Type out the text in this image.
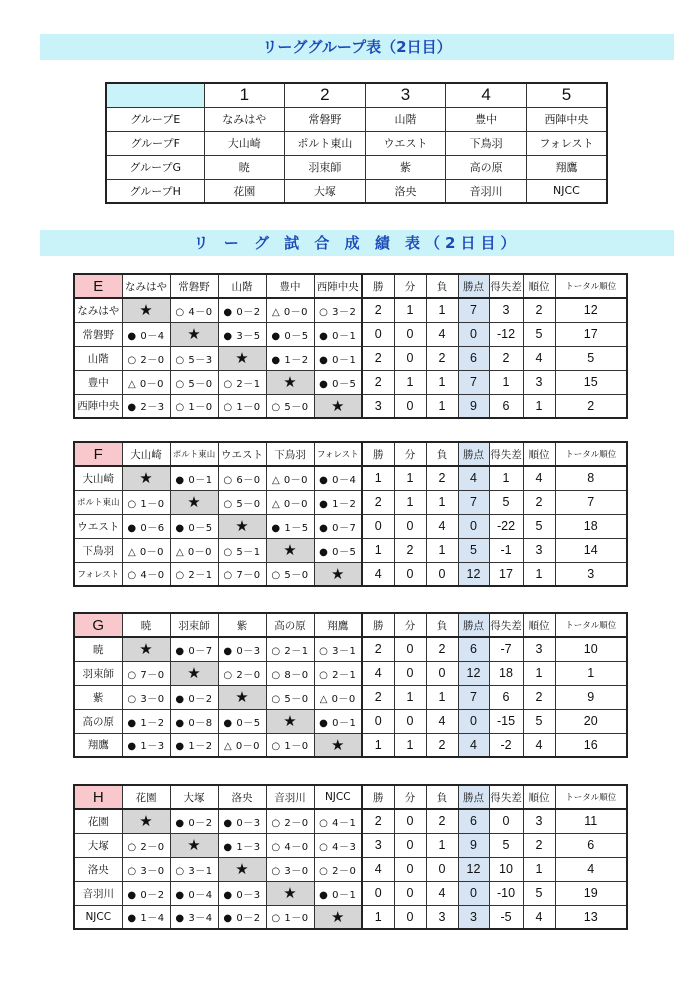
リーググループ表（2日目）
	1	2	3	4	5
グループE	なみはや	常磐野	山階	豊中	西陣中央
グループF	大山崎	ポルト東山	ウエスト	下鳥羽	フォレスト
グループG	暁	羽束師	紫	高の原	翔鷹
グループH	花園	大塚	洛央	音羽川	NJCC
リ ー グ 試 合 成 績 表（2日目）
E	なみはや	常磐野	山階	豊中	西陣中央	勝	分	負	勝点	得失差	順位	トータル順位
なみはや	★	○ 4－0	● 0－2	△ 0－0	○ 3－2	2	1	1	7	3	2	12
常磐野	● 0－4	★	● 3－5	● 0－5	● 0－1	0	0	4	0	-12	5	17
山階	○ 2－0	○ 5－3	★	● 1－2	● 0－1	2	0	2	6	2	4	5
豊中	△ 0－0	○ 5－0	○ 2－1	★	● 0－5	2	1	1	7	1	3	15
西陣中央	● 2－3	○ 1－0	○ 1－0	○ 5－0	★	3	0	1	9	6	1	2
F	大山崎	ポルト東山	ウエスト	下鳥羽	フォレスト	勝	分	負	勝点	得失差	順位	トータル順位
大山崎	★	● 0－1	○ 6－0	△ 0－0	● 0－4	1	1	2	4	1	4	8
ポルト東山	○ 1－0	★	○ 5－0	△ 0－0	● 1－2	2	1	1	7	5	2	7
ウエスト	● 0－6	● 0－5	★	● 1－5	● 0－7	0	0	4	0	-22	5	18
下鳥羽	△ 0－0	△ 0－0	○ 5－1	★	● 0－5	1	2	1	5	-1	3	14
フォレスト	○ 4－0	○ 2－1	○ 7－0	○ 5－0	★	4	0	0	12	17	1	3
G	暁	羽束師	紫	高の原	翔鷹	勝	分	負	勝点	得失差	順位	トータル順位
暁	★	● 0－7	● 0－3	○ 2－1	○ 3－1	2	0	2	6	-7	3	10
羽束師	○ 7－0	★	○ 2－0	○ 8－0	○ 2－1	4	0	0	12	18	1	1
紫	○ 3－0	● 0－2	★	○ 5－0	△ 0－0	2	1	1	7	6	2	9
高の原	● 1－2	● 0－8	● 0－5	★	● 0－1	0	0	4	0	-15	5	20
翔鷹	● 1－3	● 1－2	△ 0－0	○ 1－0	★	1	1	2	4	-2	4	16
H	花園	大塚	洛央	音羽川	NJCC	勝	分	負	勝点	得失差	順位	トータル順位
花園	★	● 0－2	● 0－3	○ 2－0	○ 4－1	2	0	2	6	0	3	11
大塚	○ 2－0	★	● 1－3	○ 4－0	○ 4－3	3	0	1	9	5	2	6
洛央	○ 3－0	○ 3－1	★	○ 3－0	○ 2－0	4	0	0	12	10	1	4
音羽川	● 0－2	● 0－4	● 0－3	★	● 0－1	0	0	4	0	-10	5	19
NJCC	● 1－4	● 3－4	● 0－2	○ 1－0	★	1	0	3	3	-5	4	13
